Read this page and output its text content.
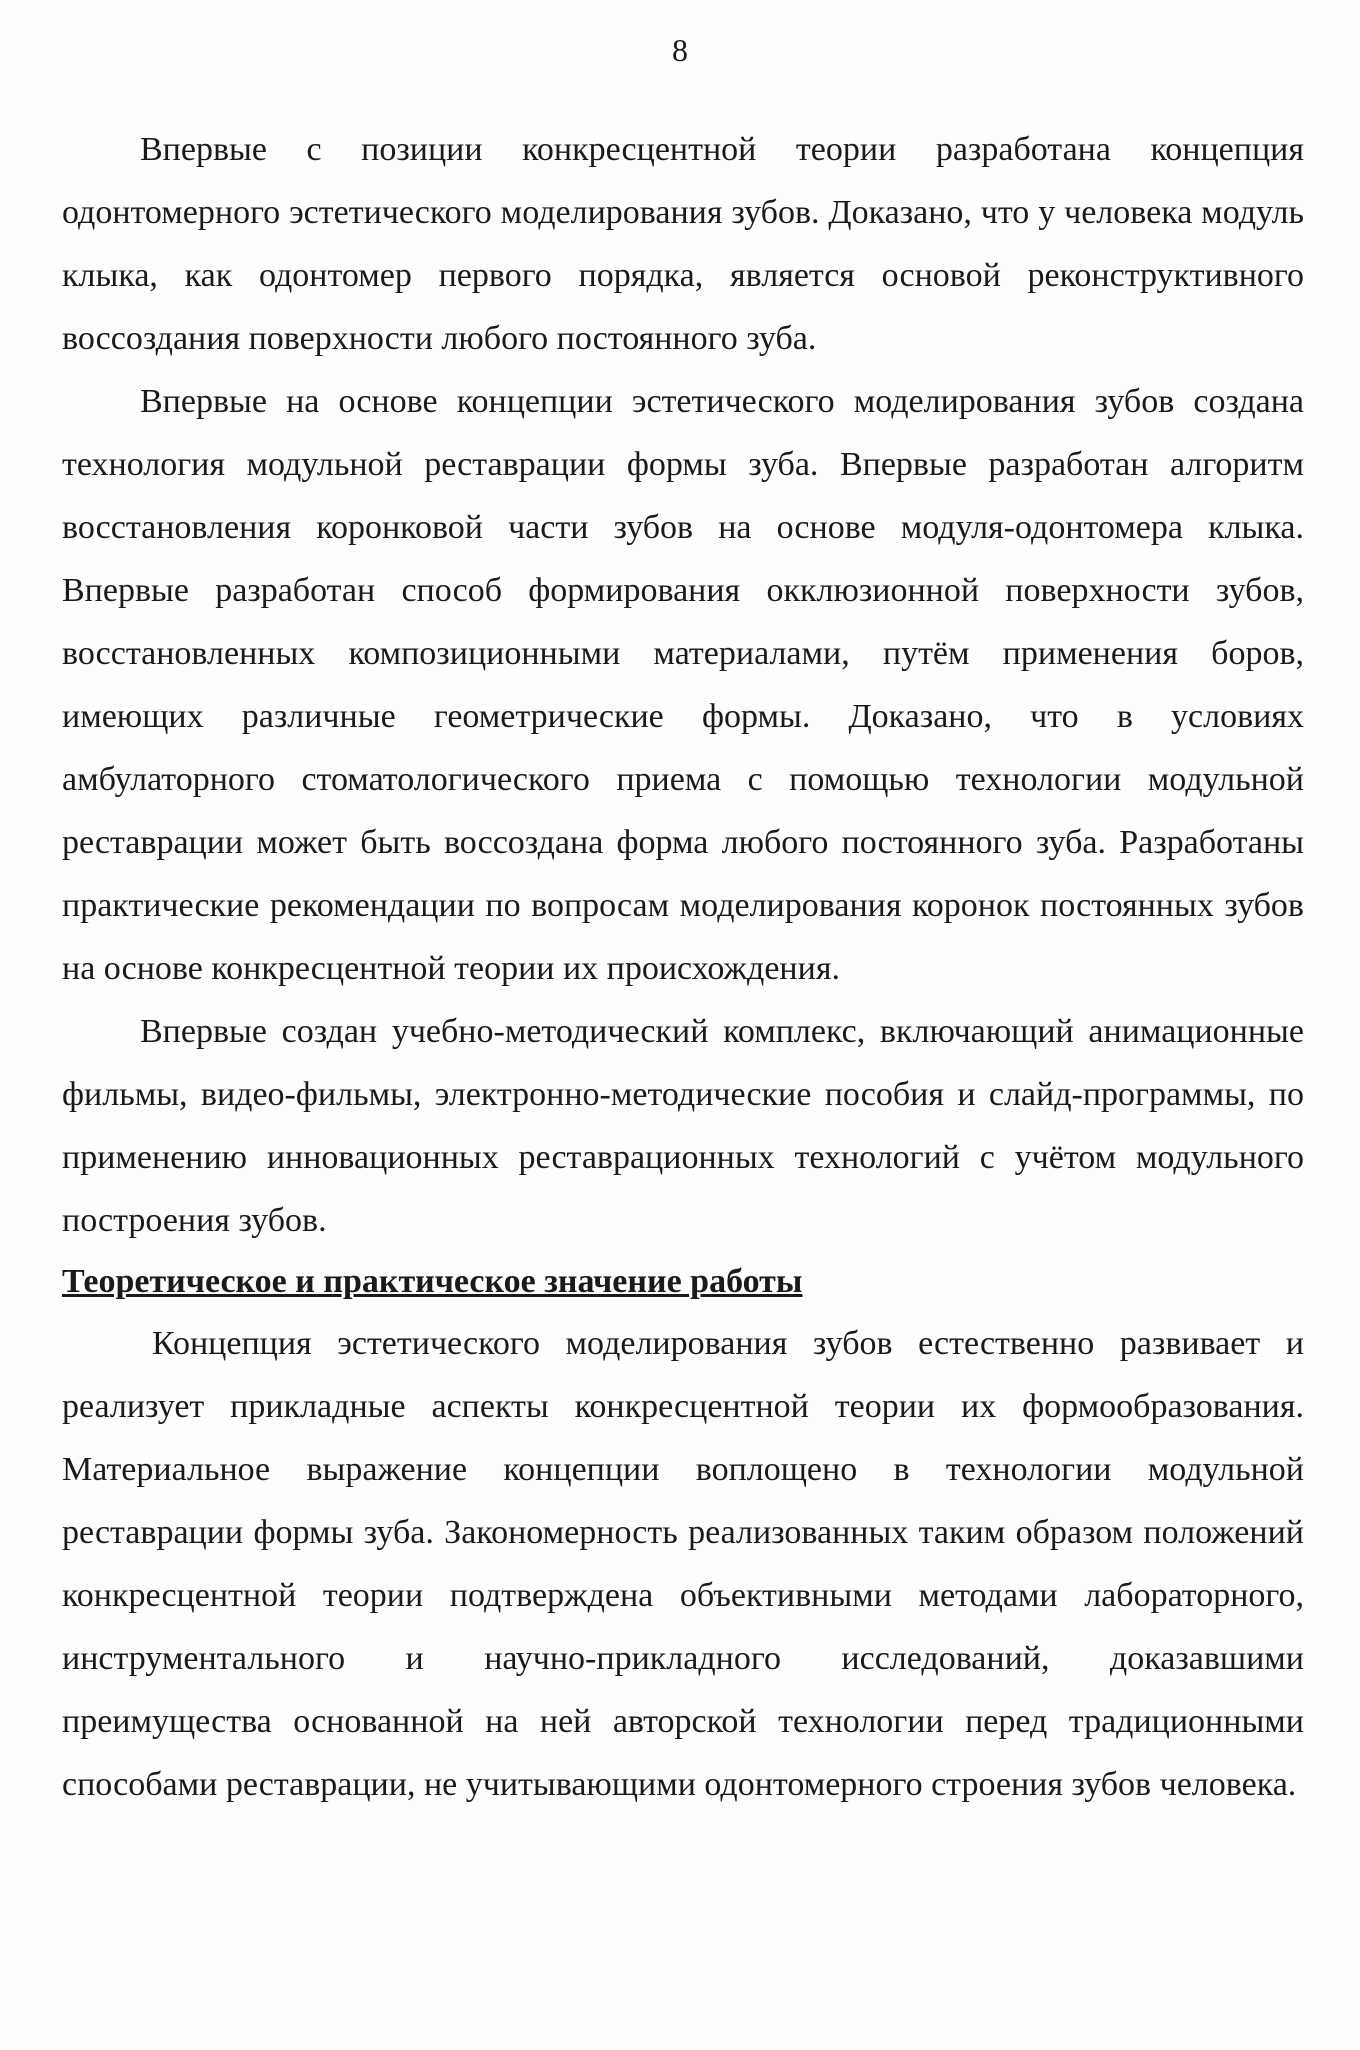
8

Впервые с позиции конкресцентной теории разработана концепция одонтомерного эстетического моделирования зубов. Доказано, что у человека модуль клыка, как одонтомер первого порядка, является основой реконструктивного воссоздания поверхности любого постоянного зуба.

Впервые на основе концепции эстетического моделирования зубов создана технология модульной реставрации формы зуба. Впервые разработан алгоритм восстановления коронковой части зубов на основе модуля-одонтомера клыка. Впервые разработан способ формирования окклюзионной поверхности зубов, восстановленных композиционными материалами, путём применения боров, имеющих различные геометрические формы. Доказано, что в условиях амбулаторного стоматологического приема с помощью технологии модульной реставрации может быть воссоздана форма любого постоянного зуба. Разработаны практические рекомендации по вопросам моделирования коронок постоянных зубов на основе конкресцентной теории их происхождения.

Впервые создан учебно-методический комплекс, включающий анимационные фильмы, видео-фильмы, электронно-методические пособия и слайд-программы, по применению инновационных реставрационных технологий с учётом модульного построения зубов.

Теоретическое и практическое значение работы

Концепция эстетического моделирования зубов естественно развивает и реализует прикладные аспекты конкресцентной теории их формообразования. Материальное выражение концепции воплощено в технологии модульной реставрации формы зуба. Закономерность реализованных таким образом положений конкресцентной теории подтверждена объективными методами лабораторного, инструментального и научно-прикладного исследований, доказавшими преимущества основанной на ней авторской технологии перед традиционными способами реставрации, не учитывающими одонтомерного строения зубов человека.
